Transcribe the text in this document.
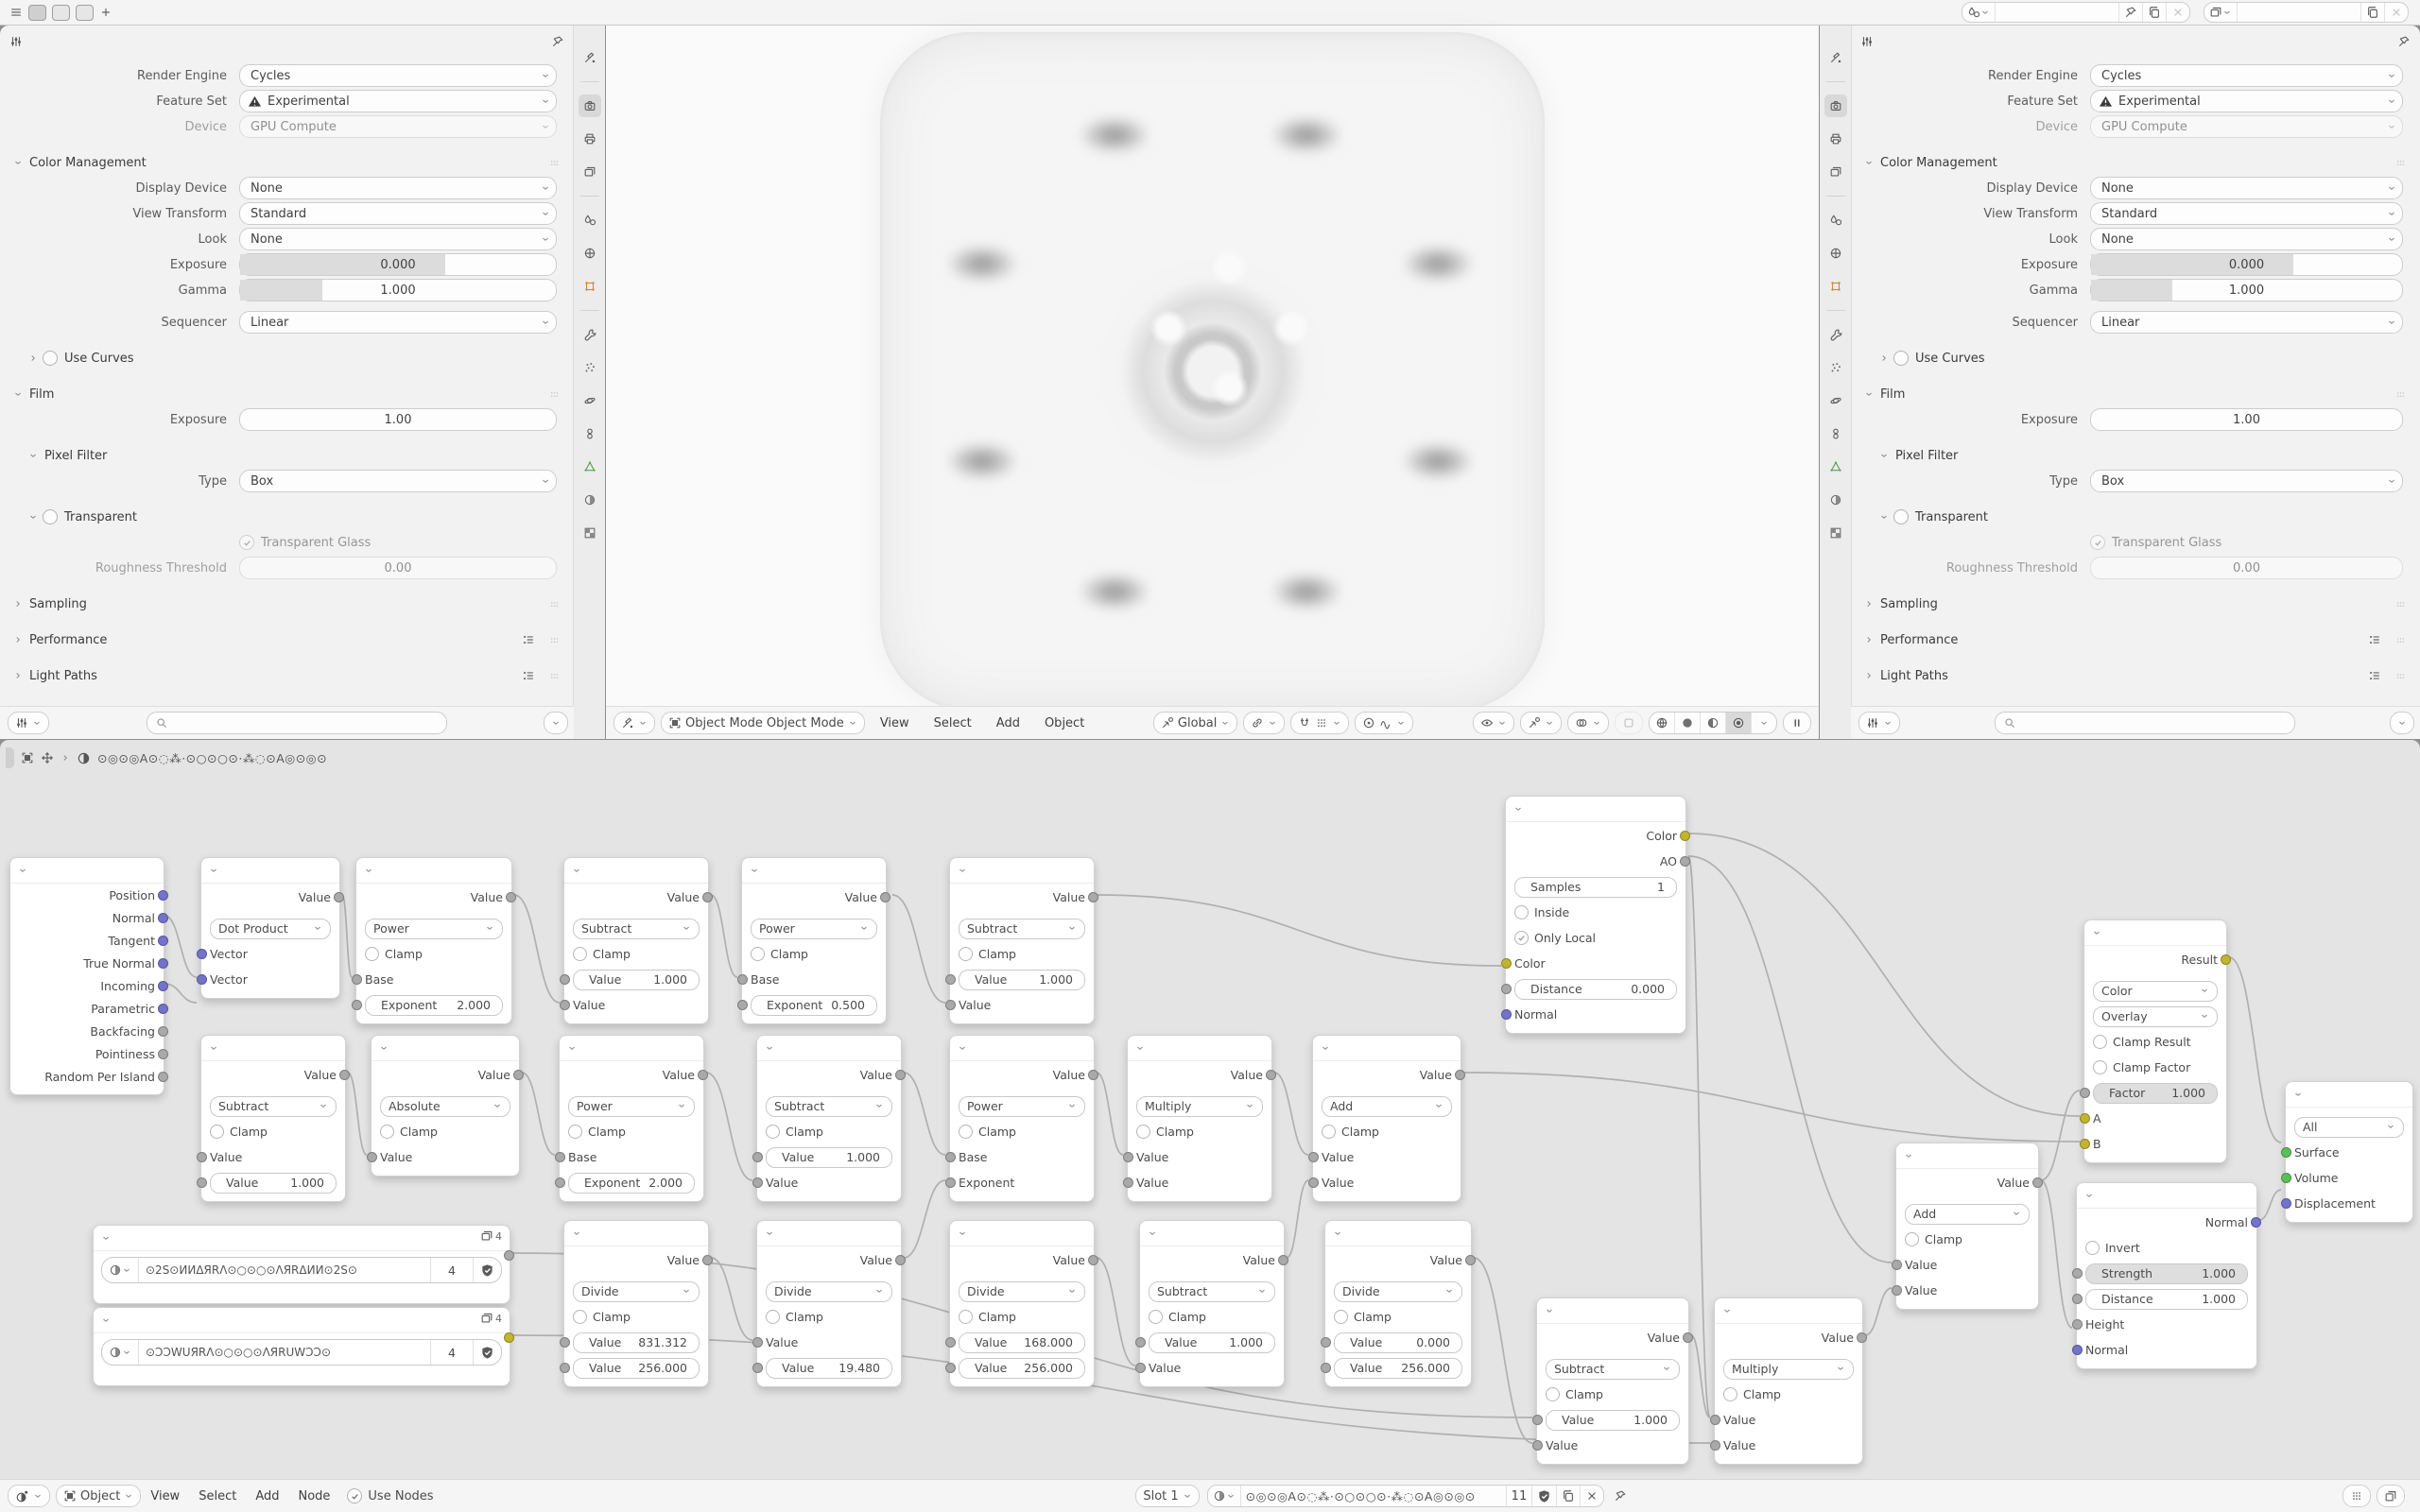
Render Engine	Cycles
Feature Set	Experimental
Device	GPU Compute
Color Management
Display Device	None
View Transform	Standard
Look	None
Exposure	0.000
Gamma	1.000
Sequencer	Linear
Use Curves
Film
Exposure	1.00
Pixel Filter
Type	Box
Transparent
Transparent Glass
Roughness Threshold	0.00
Sampling
Performance
Light Paths
Object Mode Object Mode	View	Select	Add	Object	Global
Render Engine	Cycles
Feature Set	Experimental
Device	GPU Compute
Color Management
Display Device	None
View Transform	Standard
Look	None
Exposure	0.000
Gamma	1.000
Sequencer	Linear
Use Curves
Film
Exposure	1.00
Pixel Filter
Type	Box
Transparent
Transparent Glass
Roughness Threshold	0.00
Sampling
Performance
Light Paths
Position
Normal
Tangent
True Normal
Incoming
Parametric
Backfacing
Pointiness
Random Per Island
Value
Dot Product
Vector
Vector
Value
Power
Clamp
Base
Exponent 2.000
Value
Subtract
Clamp
Value	1.000
Value
Value
Power
Clamp
Base
Exponent 0.500
Value
Subtract
Clamp
Value	1.000
Value
Value
Subtract
Clamp
Value
Value	1.000
Value
Absolute
Clamp
Value
Value
Power
Clamp
Base
Exponent 2.000
Value
Subtract
Clamp
Value	1.000
Value
Value
Power
Clamp
Base
Exponent
Value
Multiply
Clamp
Value
Value
Value
Add
Clamp
Value
Value
Color
AO
Samples	1
Inside
Only Local
Color
Distance	0.000
Normal
Result
Color
Overlay
Clamp Result
Clamp Factor
Factor 1.000
A
B
All
Surface
Volume
Displacement
4
⊙2S⊙ИИΔЯRΛ⊙○⊙○⊙ΛЯRΔИИ⊙2S⊙	4
4
⊙ƆƆWUЯRΛ⊙○⊙○⊙ΛЯRUWƆƆ⊙	4
Value
Divide
Clamp
Value 831.312
Value 256.000
Value
Divide
Clamp
Value
Value 19.480
Value
Divide
Clamp
Value 168.000
Value 256.000
Value
Subtract
Clamp
Value	1.000
Value
Value
Divide
Clamp
Value	0.000
Value 256.000
Value
Subtract
Clamp
Value	1.000
Value
Value
Multiply
Clamp
Value
Value
Value
Add
Clamp
Value
Value
Normal
Invert
Strength	1.000
Distance	1.000
Height
Normal
⊙◎⊙◎A⊙◌⁂·⊙○⊙○⊙·⁂◌⊙A◎⊙◎⊙
Object	View	Select	Add	Node	Use Nodes	Slot 1	⊙◎⊙◎A⊙◌⁂·⊙○⊙○⊙·⁂◌⊙A◎⊙◎⊙	11
